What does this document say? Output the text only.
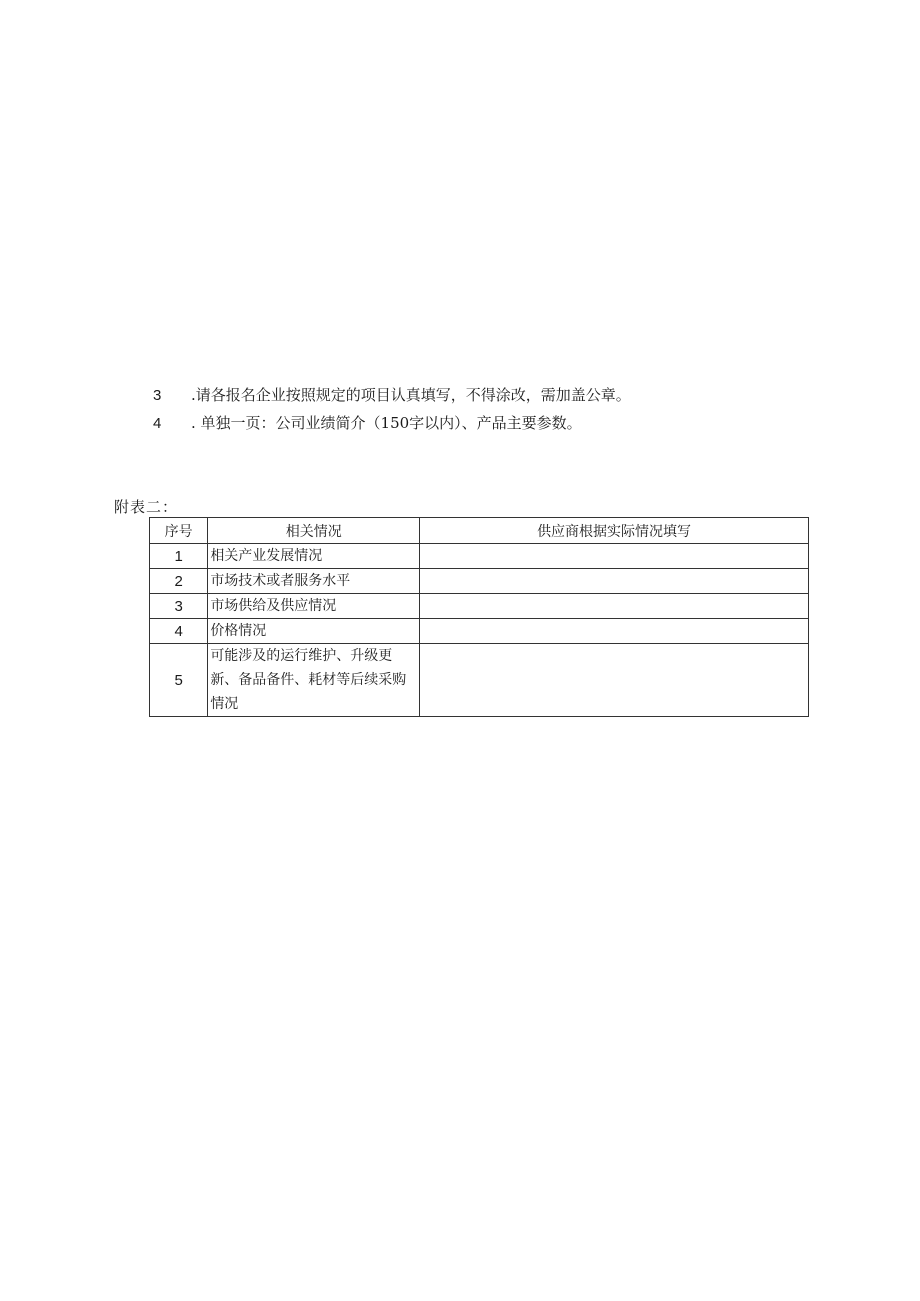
3 .请各报名企业按照规定的项目认真填写，不得涂改，需加盖公章。
4 . 单独一页：公司业绩简介（150字以内）、产品主要参数。
附表二：
序号	相关情况	供应商根据实际情况填写
1	相关产业发展情况	
2	市场技术或者服务水平	
3	市场供给及供应情况	
4	价格情况	
5	可能涉及的运行维护、升级更新、备品备件、耗材等后续采购情况	
